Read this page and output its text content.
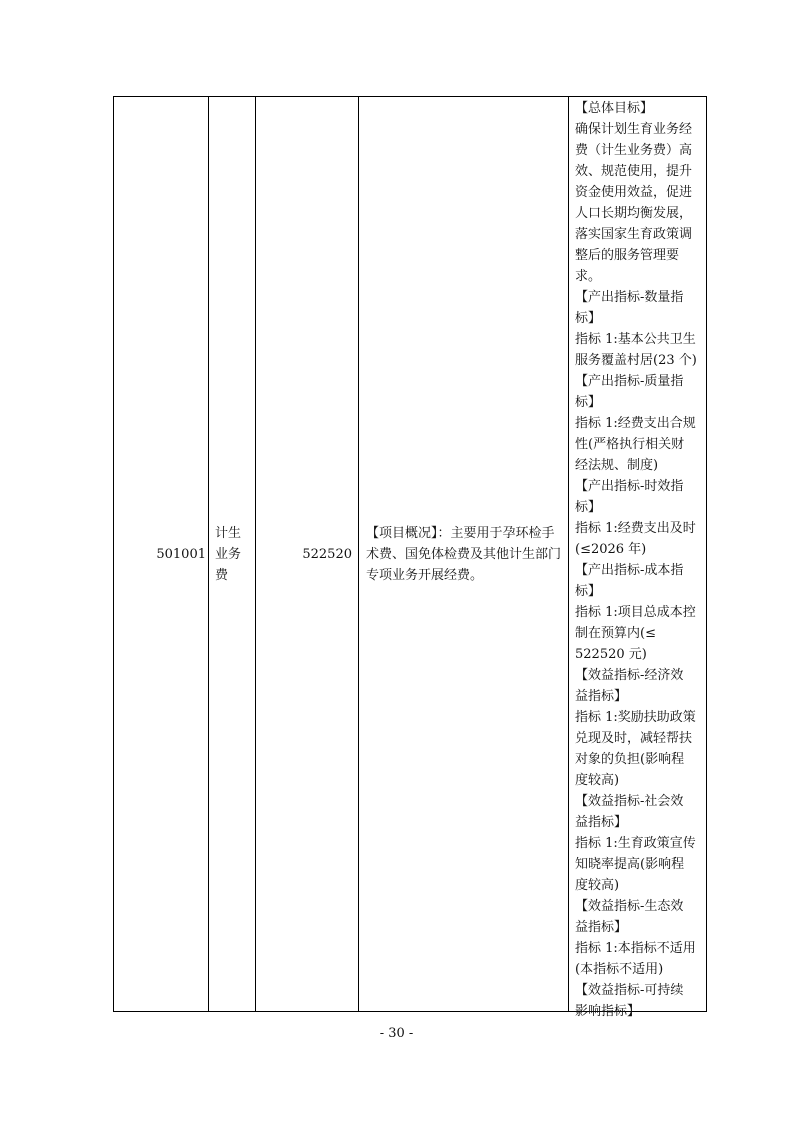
501001
计生业务费
522520
【项目概况】：主要用于孕环检手术费、国免体检费及其他计生部门专项业务开展经费。
【总体目标】
确保计划生育业务经
费（计生业务费）高
效、规范使用，提升
资金使用效益，促进
人口长期均衡发展，
落实国家生育政策调
整后的服务管理要
求。
【产出指标-数量指
标】
指标 1:基本公共卫生
服务覆盖村居(23 个)
【产出指标-质量指
标】
指标 1:经费支出合规
性(严格执行相关财
经法规、制度)
【产出指标-时效指
标】
指标 1:经费支出及时
(≤2026 年)
【产出指标-成本指
标】
指标 1:项目总成本控
制在预算内(≤
522520 元)
【效益指标-经济效
益指标】
指标 1:奖励扶助政策
兑现及时，减轻帮扶
对象的负担(影响程
度较高)
【效益指标-社会效
益指标】
指标 1:生育政策宣传
知晓率提高(影响程
度较高)
【效益指标-生态效
益指标】
指标 1:本指标不适用
(本指标不适用)
【效益指标-可持续
影响指标】
- 30 -
